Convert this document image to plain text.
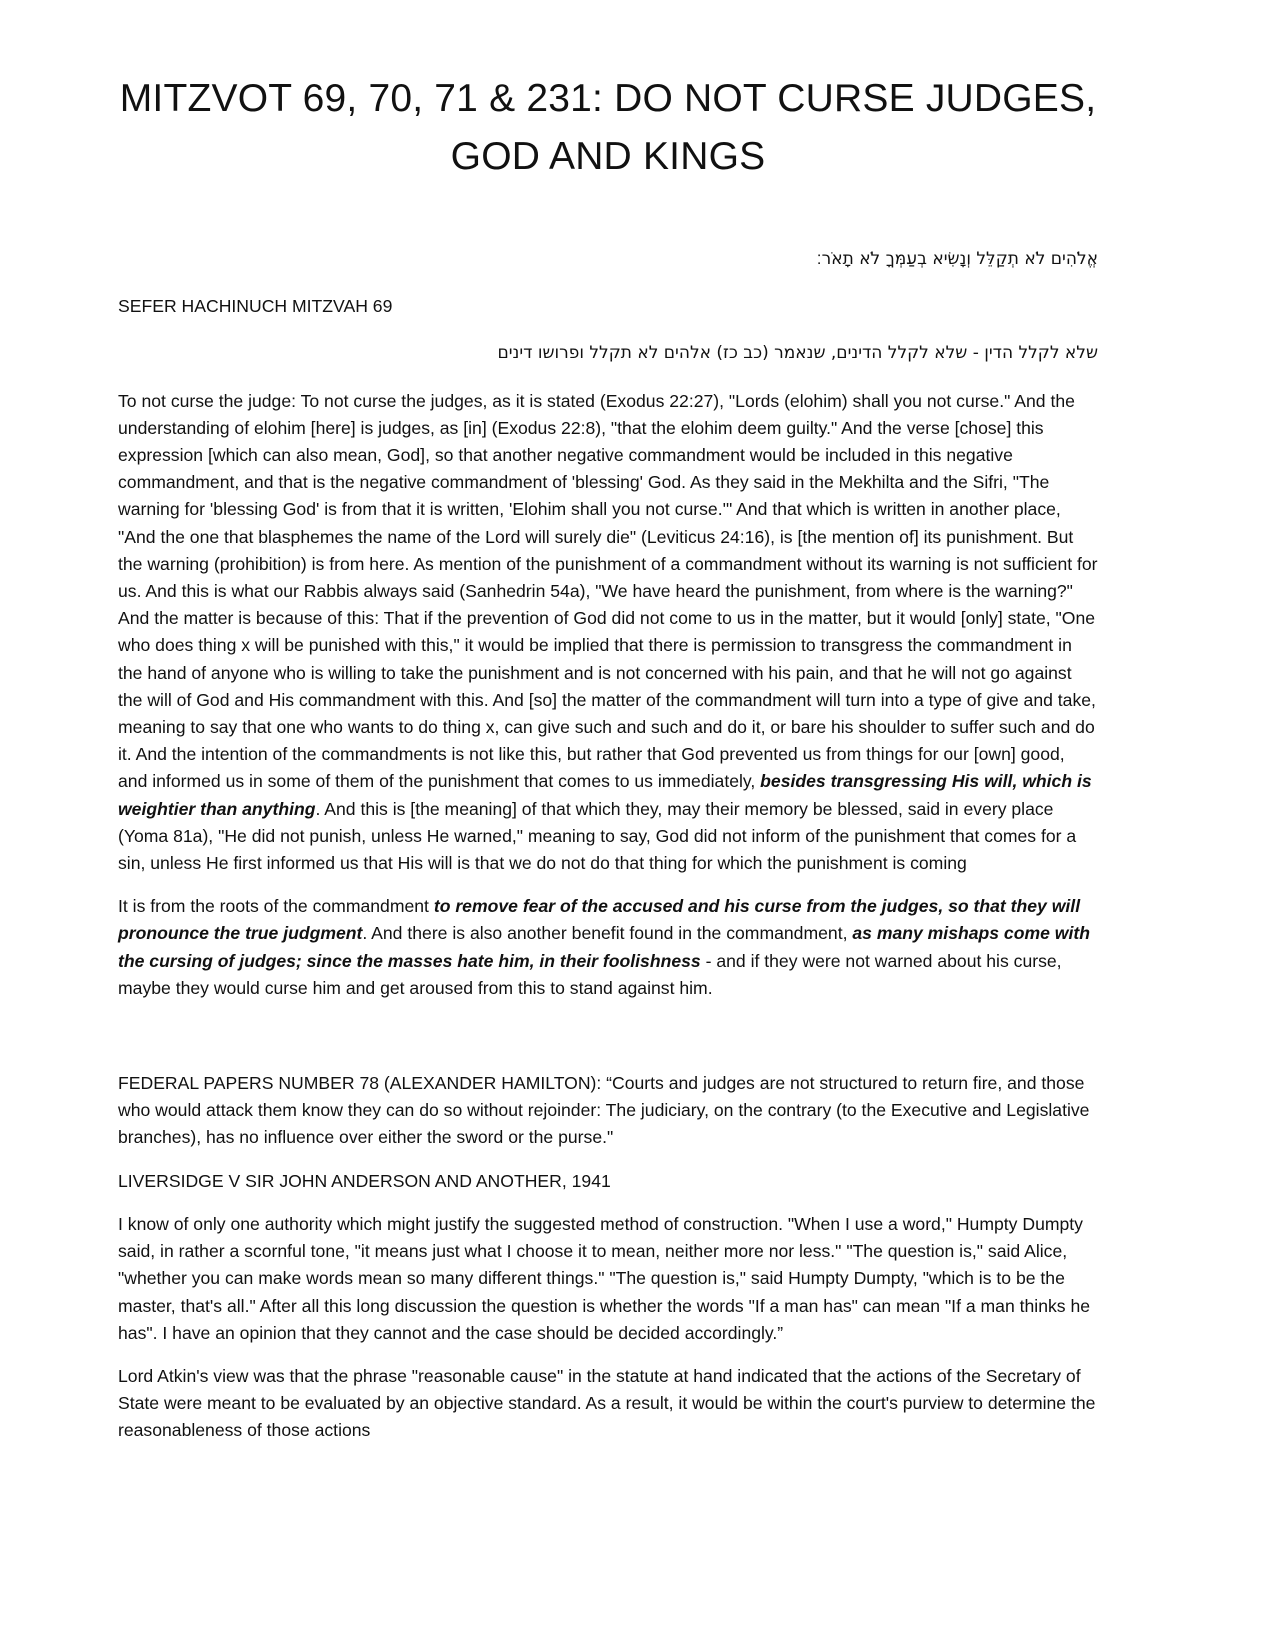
MITZVOT 69, 70, 71 & 231: DO NOT CURSE JUDGES, GOD AND KINGS

אֱלֹהִים לֹא תְקַלֵּל וְנָשִׂיא בְעַמְּךָ לֹא תָאֹר׃

SEFER HACHINUCH MITZVAH 69

שלא לקלל הדין - שלא לקלל הדינים, שנאמר (כב כז) אלהים לא תקלל ופרושו דינים

To not curse the judge: To not curse the judges, as it is stated (Exodus 22:27), "Lords (elohim) shall you not curse." And the understanding of elohim [here] is judges, as [in] (Exodus 22:8), "that the elohim deem guilty." And the verse [chose] this expression [which can also mean, God], so that another negative commandment would be included in this negative commandment, and that is the negative commandment of 'blessing' God. As they said in the Mekhilta and the Sifri, "The warning for 'blessing God' is from that it is written, 'Elohim shall you not curse.'" And that which is written in another place, "And the one that blasphemes the name of the Lord will surely die" (Leviticus 24:16), is [the mention of] its punishment. But the warning (prohibition) is from here. As mention of the punishment of a commandment without its warning is not sufficient for us. And this is what our Rabbis always said (Sanhedrin 54a), "We have heard the punishment, from where is the warning?" And the matter is because of this: That if the prevention of God did not come to us in the matter, but it would [only] state, "One who does thing x will be punished with this," it would be implied that there is permission to transgress the commandment in the hand of anyone who is willing to take the punishment and is not concerned with his pain, and that he will not go against the will of God and His commandment with this. And [so] the matter of the commandment will turn into a type of give and take, meaning to say that one who wants to do thing x, can give such and such and do it, or bare his shoulder to suffer such and do it. And the intention of the commandments is not like this, but rather that God prevented us from things for our [own] good, and informed us in some of them of the punishment that comes to us immediately, besides transgressing His will, which is weightier than anything. And this is [the meaning] of that which they, may their memory be blessed, said in every place (Yoma 81a), "He did not punish, unless He warned," meaning to say, God did not inform of the punishment that comes for a sin, unless He first informed us that His will is that we do not do that thing for which the punishment is coming

It is from the roots of the commandment to remove fear of the accused and his curse from the judges, so that they will pronounce the true judgment. And there is also another benefit found in the commandment, as many mishaps come with the cursing of judges; since the masses hate him, in their foolishness - and if they were not warned about his curse, maybe they would curse him and get aroused from this to stand against him.

FEDERAL PAPERS NUMBER 78 (ALEXANDER HAMILTON): “Courts and judges are not structured to return fire, and those who would attack them know they can do so without rejoinder: The judiciary, on the contrary (to the Executive and Legislative branches), has no influence over either the sword or the purse."

LIVERSIDGE V SIR JOHN ANDERSON AND ANOTHER, 1941

I know of only one authority which might justify the suggested method of construction. "When I use a word," Humpty Dumpty said, in rather a scornful tone, "it means just what I choose it to mean, neither more nor less." "The question is," said Alice, "whether you can make words mean so many different things." "The question is," said Humpty Dumpty, "which is to be the master, that's all." After all this long discussion the question is whether the words "If a man has" can mean "If a man thinks he has". I have an opinion that they cannot and the case should be decided accordingly.”

Lord Atkin's view was that the phrase "reasonable cause" in the statute at hand indicated that the actions of the Secretary of State were meant to be evaluated by an objective standard. As a result, it would be within the court's purview to determine the reasonableness of those actions
